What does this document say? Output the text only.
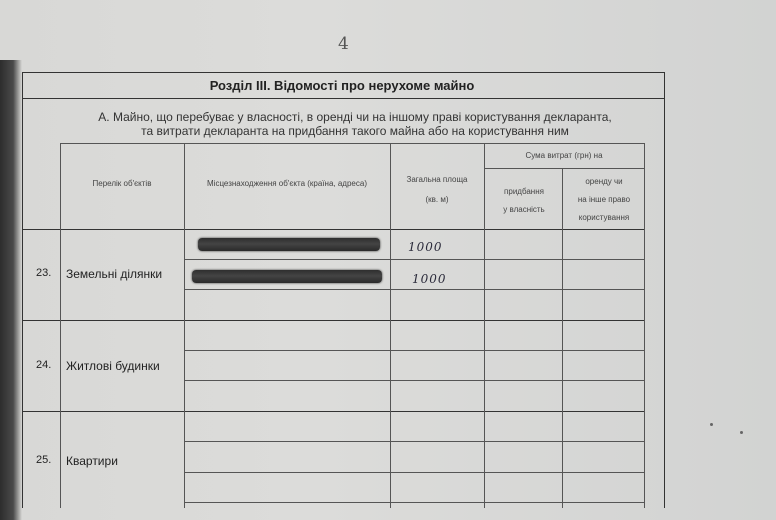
4
Розділ III. Відомості про нерухоме майно
А. Майно, що перебуває у власності, в оренді чи на іншому праві користування декларанта,
та витрати декларанта на придбання такого майна або на користування ним
Перелік об'єктів	Місцезнаходження об'єкта (країна, адреса)	Загальна площа
(кв. м)
Сума витрат (грн) на
придбання
у власність
оренду чи
на інше право
користування
23. Земельні ділянки
24. Житлові будинки
25. Квартири
1000
1000
